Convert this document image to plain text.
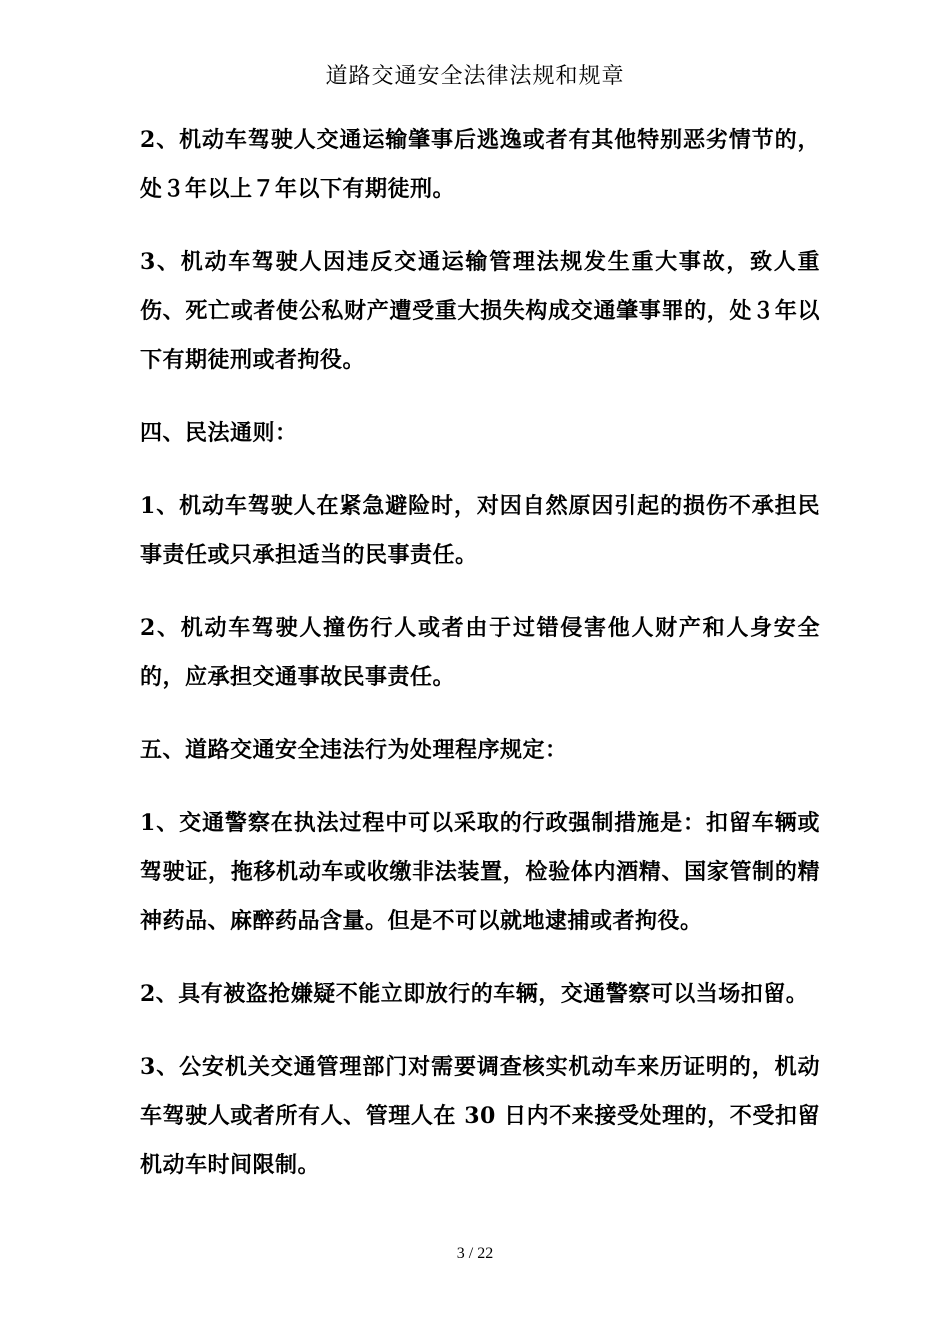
道路交通安全法律法规和规章

2、机动车驾驶人交通运输肇事后逃逸或者有其他特别恶劣情节的，处３年以上７年以下有期徒刑。

3、机动车驾驶人因违反交通运输管理法规发生重大事故，致人重伤、死亡或者使公私财产遭受重大损失构成交通肇事罪的，处３年以下有期徒刑或者拘役。

四、民法通则：

1、机动车驾驶人在紧急避险时，对因自然原因引起的损伤不承担民事责任或只承担适当的民事责任。

2、机动车驾驶人撞伤行人或者由于过错侵害他人财产和人身安全的，应承担交通事故民事责任。

五、道路交通安全违法行为处理程序规定：

1、交通警察在执法过程中可以采取的行政强制措施是：扣留车辆或驾驶证，拖移机动车或收缴非法装置，检验体内酒精、国家管制的精神药品、麻醉药品含量。但是不可以就地逮捕或者拘役。

2、具有被盗抢嫌疑不能立即放行的车辆，交通警察可以当场扣留。

3、公安机关交通管理部门对需要调查核实机动车来历证明的，机动车驾驶人或者所有人、管理人在 30 日内不来接受处理的，不受扣留机动车时间限制。

3 / 22
